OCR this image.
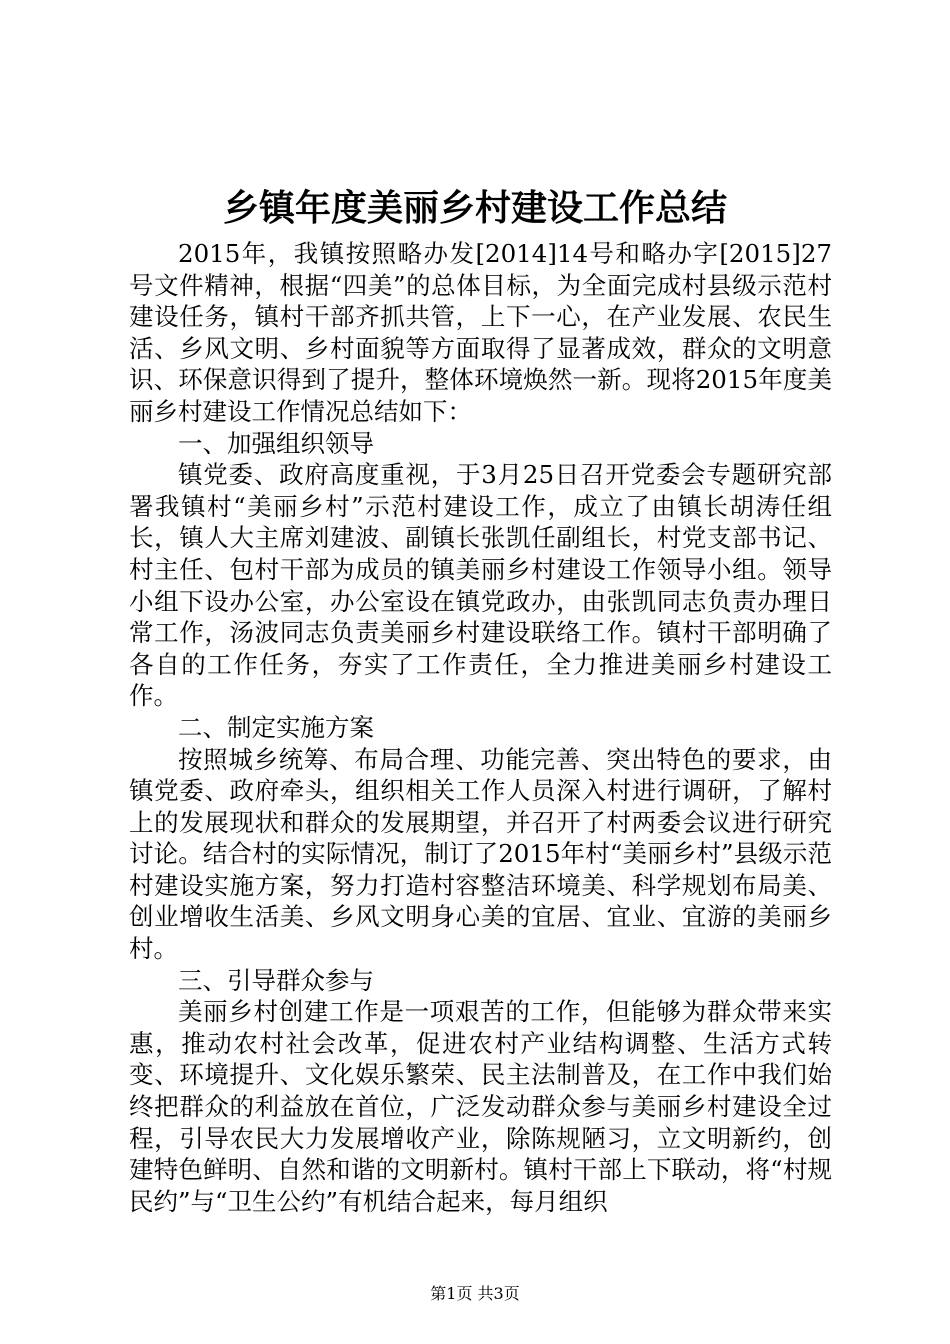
乡镇年度美丽乡村建设工作总结

2015年，我镇按照略办发[2014]14号和略办字[2015]27号文件精神，根据“四美”的总体目标，为全面完成村县级示范村建设任务，镇村干部齐抓共管，上下一心，在产业发展、农民生活、乡风文明、乡村面貌等方面取得了显著成效，群众的文明意识、环保意识得到了提升，整体环境焕然一新。现将2015年度美丽乡村建设工作情况总结如下：

一、加强组织领导

镇党委、政府高度重视，于3月25日召开党委会专题研究部署我镇村“美丽乡村”示范村建设工作，成立了由镇长胡涛任组长，镇人大主席刘建波、副镇长张凯任副组长，村党支部书记、村主任、包村干部为成员的镇美丽乡村建设工作领导小组。领导小组下设办公室，办公室设在镇党政办，由张凯同志负责办理日常工作，汤波同志负责美丽乡村建设联络工作。镇村干部明确了各自的工作任务，夯实了工作责任，全力推进美丽乡村建设工作。

二、制定实施方案

按照城乡统筹、布局合理、功能完善、突出特色的要求，由镇党委、政府牵头，组织相关工作人员深入村进行调研，了解村上的发展现状和群众的发展期望，并召开了村两委会议进行研究讨论。结合村的实际情况，制订了2015年村“美丽乡村”县级示范村建设实施方案，努力打造村容整洁环境美、科学规划布局美、创业增收生活美、乡风文明身心美的宜居、宜业、宜游的美丽乡村。

三、引导群众参与

美丽乡村创建工作是一项艰苦的工作，但能够为群众带来实惠，推动农村社会改革，促进农村产业结构调整、生活方式转变、环境提升、文化娱乐繁荣、民主法制普及，在工作中我们始终把群众的利益放在首位，广泛发动群众参与美丽乡村建设全过程，引导农民大力发展增收产业，除陈规陋习，立文明新约，创建特色鲜明、自然和谐的文明新村。镇村干部上下联动，将“村规民约”与“卫生公约”有机结合起来，每月组织

第1页 共3页
